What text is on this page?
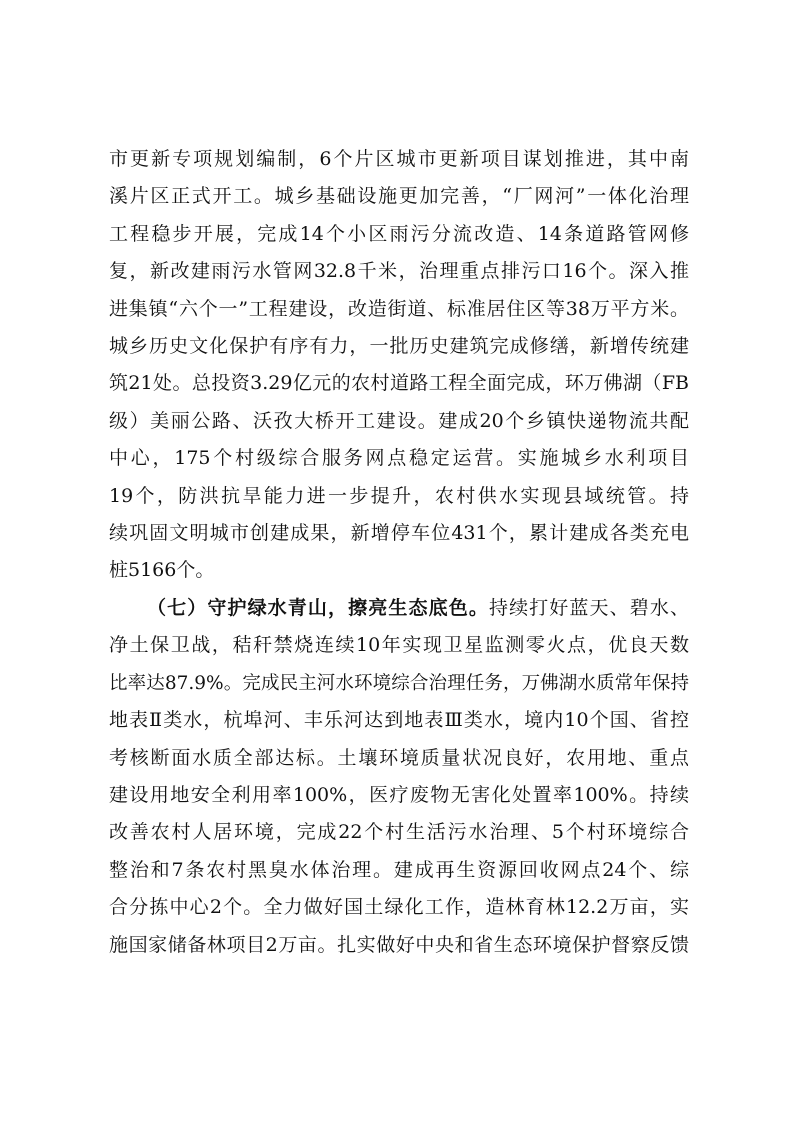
市更新专项规划编制，6个片区城市更新项目谋划推进，其中南
溪片区正式开工。城乡基础设施更加完善，“厂网河”一体化治理
工程稳步开展，完成14个小区雨污分流改造、14条道路管网修
复，新改建雨污水管网32.8千米，治理重点排污口16个。深入推
进集镇“六个一”工程建设，改造街道、标准居住区等38万平方米。
城乡历史文化保护有序有力，一批历史建筑完成修缮，新增传统建
筑21处。总投资3.29亿元的农村道路工程全面完成，环万佛湖（FB
级）美丽公路、沃孜大桥开工建设。建成20个乡镇快递物流共配
中心，175个村级综合服务网点稳定运营。实施城乡水利项目
19个，防洪抗旱能力进一步提升，农村供水实现县域统管。持
续巩固文明城市创建成果，新增停车位431个，累计建成各类充电
桩5166个。
（七）守护绿水青山，擦亮生态底色。持续打好蓝天、碧水、
净土保卫战，秸秆禁烧连续10年实现卫星监测零火点，优良天数
比率达87.9%。完成民主河水环境综合治理任务，万佛湖水质常年保持
地表Ⅱ类水，杭埠河、丰乐河达到地表Ⅲ类水，境内10个国、省控
考核断面水质全部达标。土壤环境质量状况良好，农用地、重点
建设用地安全利用率100%，医疗废物无害化处置率100%。持续
改善农村人居环境，完成22个村生活污水治理、5个村环境综合
整治和7条农村黑臭水体治理。建成再生资源回收网点24个、综
合分拣中心2个。全力做好国土绿化工作，造林育林12.2万亩，实
施国家储备林项目2万亩。扎实做好中央和省生态环境保护督察反馈
